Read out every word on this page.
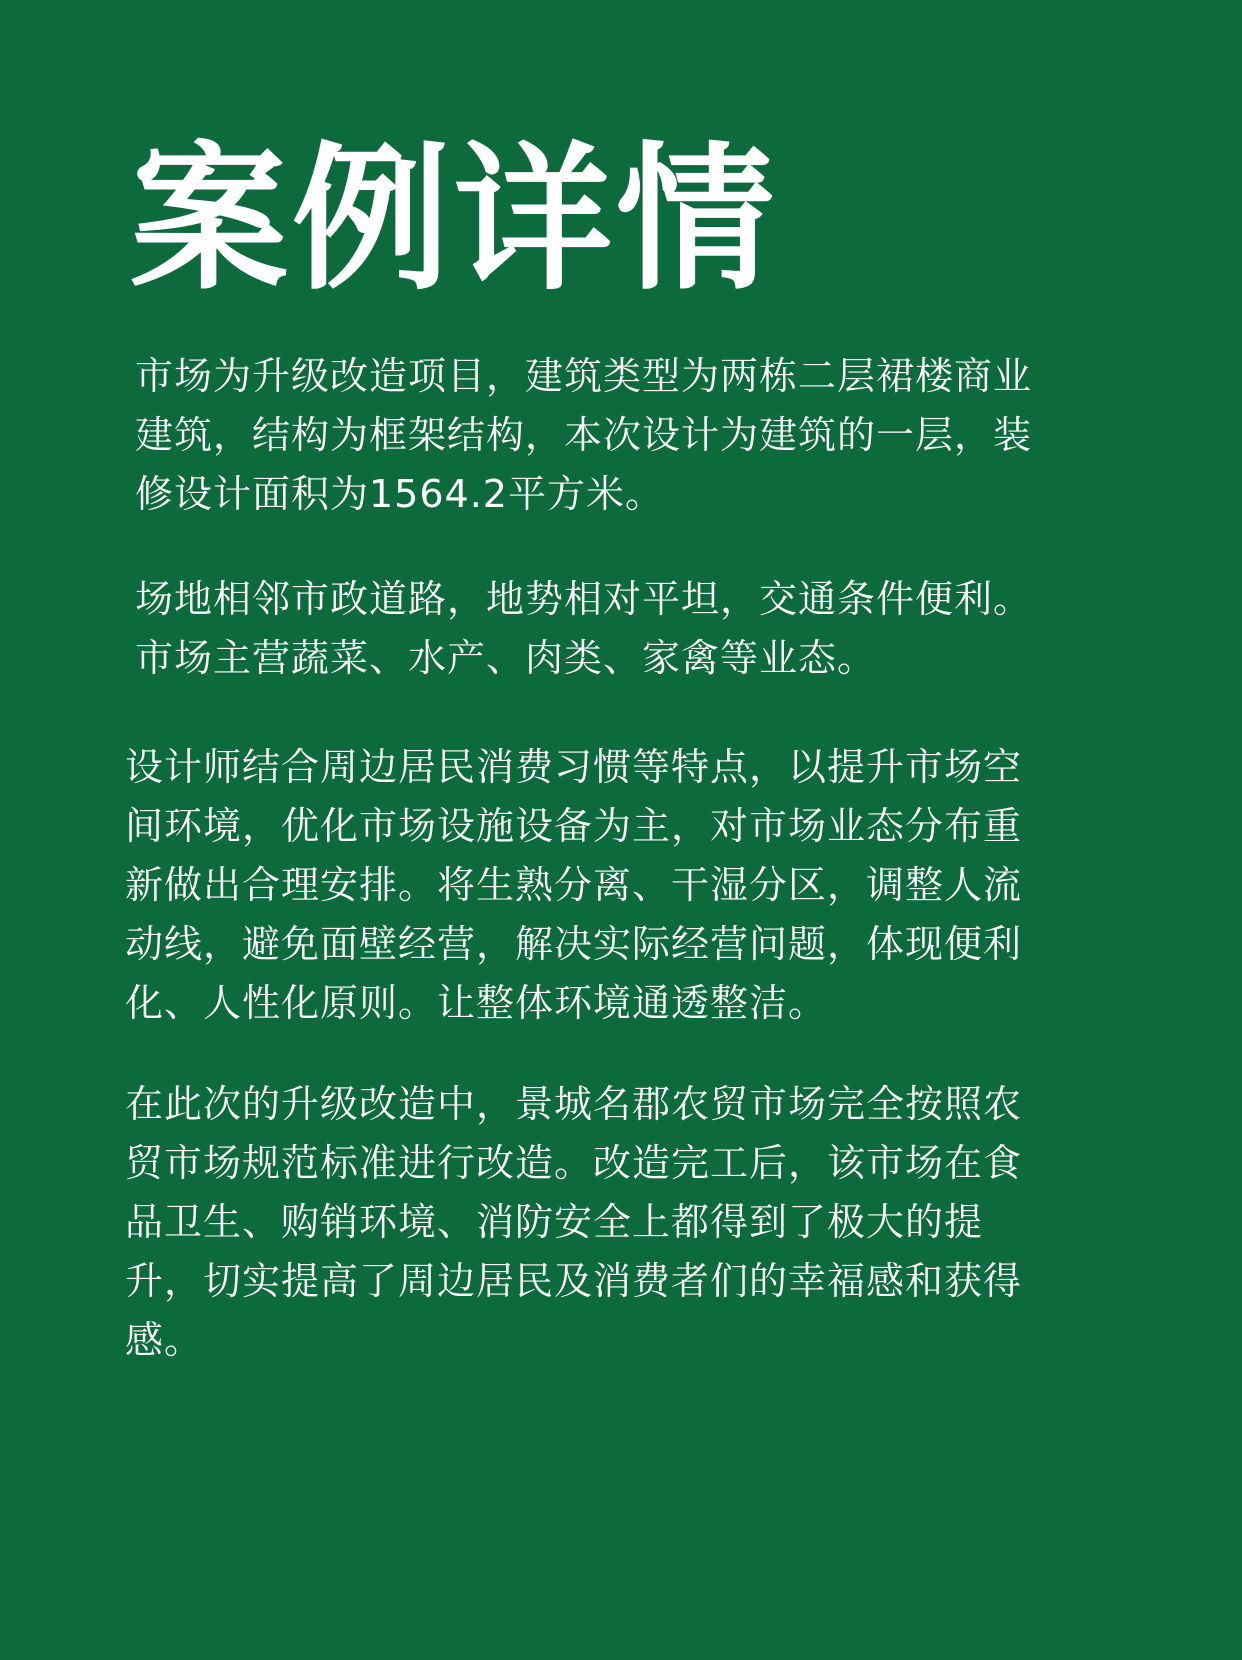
案例详情

市场为升级改造项目，建筑类型为两栋二层裙楼商业
建筑，结构为框架结构，本次设计为建筑的一层，装
修设计面积为1564.2平方米。

场地相邻市政道路，地势相对平坦，交通条件便利。
市场主营蔬菜、水产、肉类、家禽等业态。

设计师结合周边居民消费习惯等特点，以提升市场空
间环境，优化市场设施设备为主，对市场业态分布重
新做出合理安排。将生熟分离、干湿分区，调整人流
动线，避免面壁经营，解决实际经营问题，体现便利
化、人性化原则。让整体环境通透整洁。

在此次的升级改造中，景城名郡农贸市场完全按照农
贸市场规范标准进行改造。改造完工后，该市场在食
品卫生、购销环境、消防安全上都得到了极大的提
升，切实提高了周边居民及消费者们的幸福感和获得
感。
